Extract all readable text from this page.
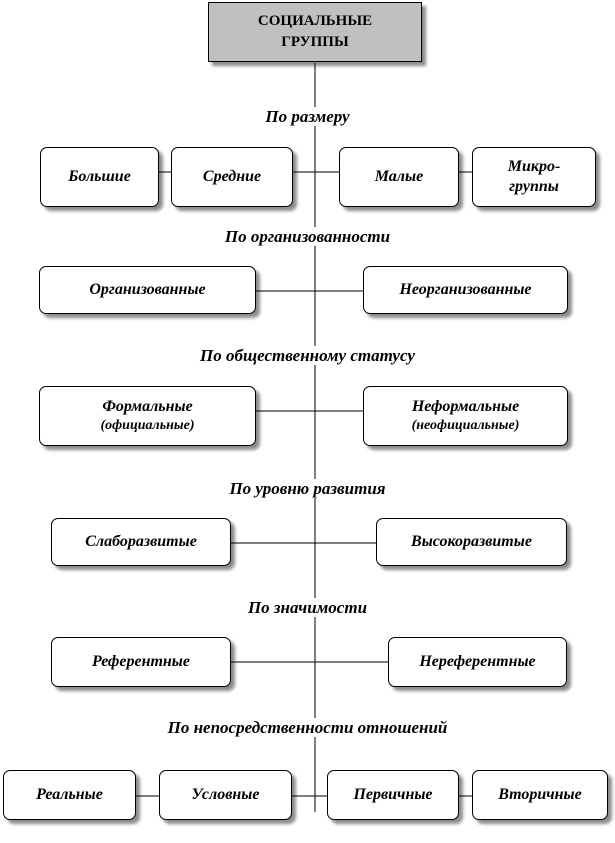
СОЦИАЛЬНЫЕ
ГРУППЫ
По размеру
Большие	Средние	Малые
Микро-
группы
По организованности
Организованные	Неорганизованные
По общественному статусу
Формальные
(официальные)
Неформальные
(неофициальные)
По уровню развития
Слаборазвитые	Высокоразвитые
По значимости
Референтные	Нереферентные
По непосредственности отношений
Реальные	Условные	Первичные	Вторичные
